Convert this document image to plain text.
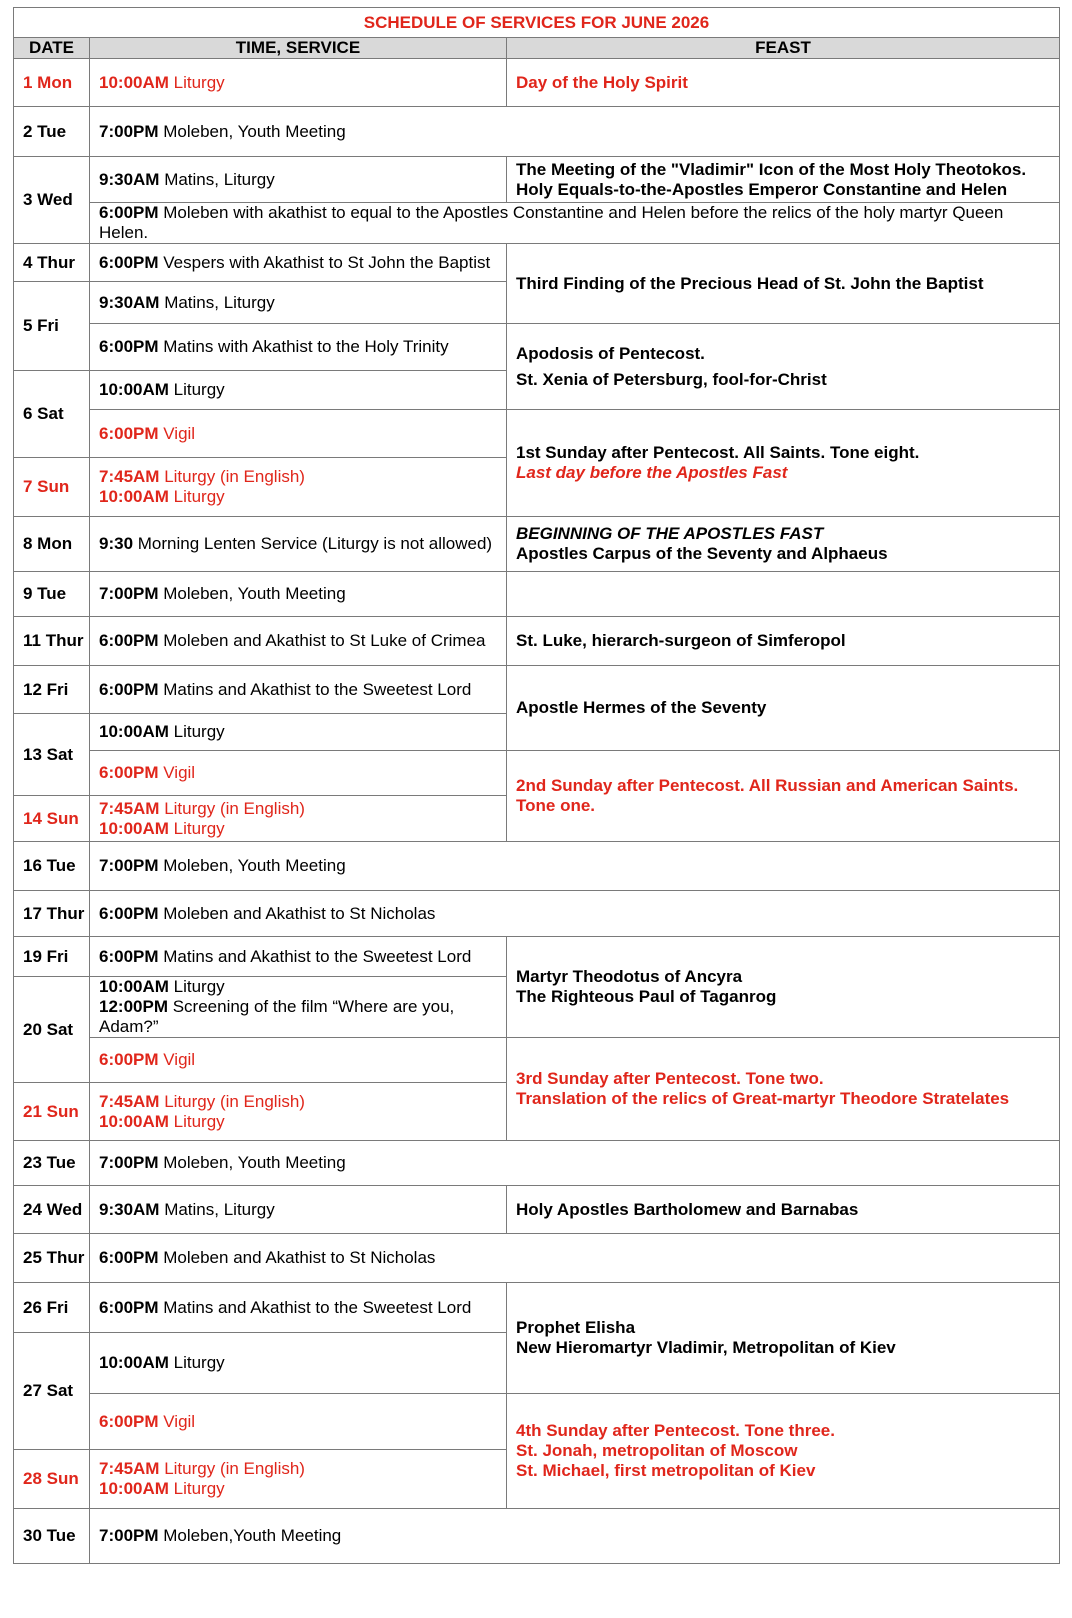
SCHEDULE OF SERVICES FOR JUNE 2026		
DATE	TIME, SERVICE	FEAST
1 Mon	10:00AM Liturgy	Day of the Holy Spirit
2 Tue	7:00PM Moleben, Youth Meeting	
3 Wed	9:30AM Matins, Liturgy	The Meeting of the "Vladimir" Icon of the Most Holy Theotokos.
Holy Equals-to-the-Apostles Emperor Constantine and Helen

	6:00PM Moleben with akathist to equal to the Apostles Constantine and Helen before the relics of the holy martyr Queen Helen.	
4 Thur	6:00PM Vespers with Akathist to St John the Baptist	Third Finding of the Precious Head of St. John the Baptist
5 Fri	9:30AM Matins, Liturgy	
	6:00PM Matins with Akathist to the Holy Trinity	Apodosis of Pentecost.
St. Xenia of Petersburg, fool-for-Christ

6 Sat	10:00AM Liturgy	
	6:00PM Vigil	1st Sunday after Pentecost. All Saints. Tone eight.
Last day before the Apostles Fast

7 Sun	7:45AM Liturgy (in English)
10:00AM Liturgy	

8 Mon	9:30 Morning Lenten Service (Liturgy is not allowed)	BEGINNING OF THE APOSTLES FAST
Apostles Carpus of the Seventy and Alphaeus

9 Tue	7:00PM Moleben, Youth Meeting	
11 Thur	6:00PM Moleben and Akathist to St Luke of Crimea	St. Luke, hierarch-surgeon of Simferopol
12 Fri	6:00PM Matins and Akathist to the Sweetest Lord	Apostle Hermes of the Seventy
13 Sat	10:00AM Liturgy	
	6:00PM Vigil	2nd Sunday after Pentecost. All Russian and American Saints.
Tone one.

14 Sun	7:45AM Liturgy (in English)
10:00AM Liturgy	

16 Tue	7:00PM Moleben, Youth Meeting	
17 Thur	6:00PM Moleben and Akathist to St Nicholas	
19 Fri	6:00PM Matins and Akathist to the Sweetest Lord	Martyr Theodotus of Ancyra
The Righteous Paul of Taganrog

20 Sat	10:00AM Liturgy
12:00PM Screening of the film “Where are you, Adam?”	

	6:00PM Vigil	3rd Sunday after Pentecost. Tone two.
Translation of the relics of Great-martyr Theodore Stratelates

21 Sun	7:45AM Liturgy (in English)
10:00AM Liturgy	

23 Tue	7:00PM Moleben, Youth Meeting	
24 Wed	9:30AM Matins, Liturgy	Holy Apostles Bartholomew and Barnabas
25 Thur	6:00PM Moleben and Akathist to St Nicholas	
26 Fri	6:00PM Matins and Akathist to the Sweetest Lord	Prophet Elisha
New Hieromartyr Vladimir, Metropolitan of Kiev

27 Sat	10:00AM Liturgy	
	6:00PM Vigil	4th Sunday after Pentecost. Tone three.
St. Jonah, metropolitan of Moscow
St. Michael, first metropolitan of Kiev

28 Sun	7:45AM Liturgy (in English)
10:00AM Liturgy	

30 Tue	7:00PM Moleben,Youth Meeting	
